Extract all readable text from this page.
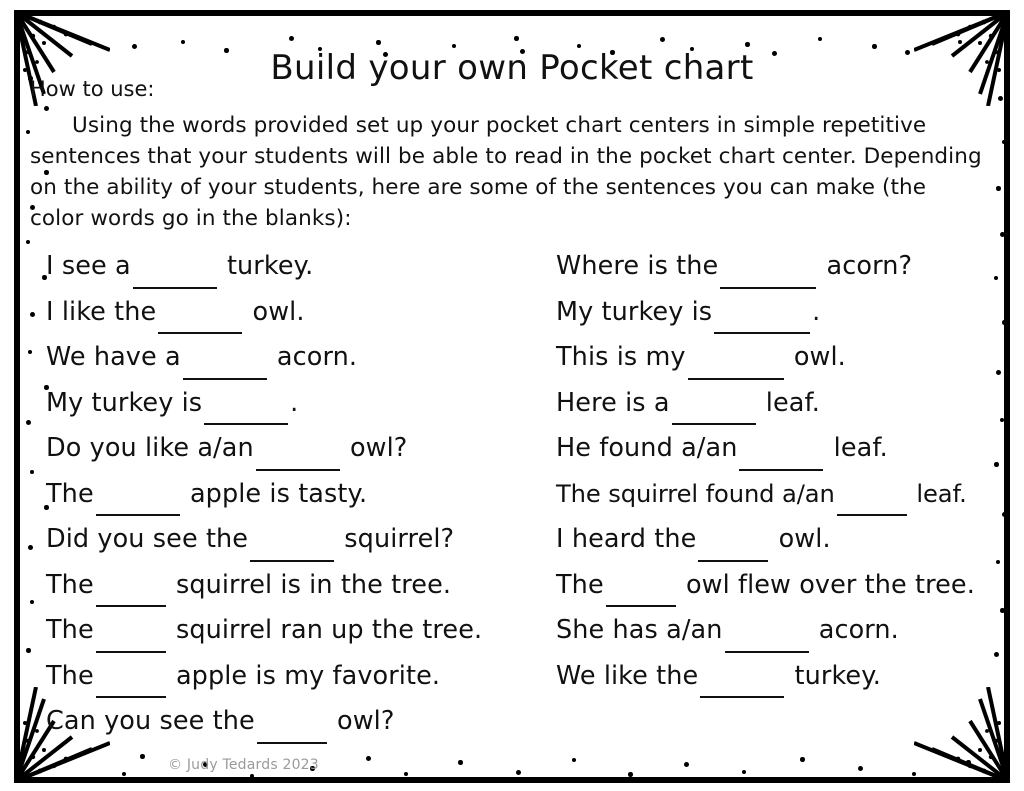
Build your own Pocket chart
How to use:
Using the words provided set up your pocket chart centers in simple repetitive sentences that your students will be able to read in the pocket chart center. Depending on the ability of your students, here are some of the sentences you can make (the color words go in the blanks):
I see a	turkey.
I like the	owl.
We have a	acorn.
My turkey is	.
Do you like a/an	owl?
The	apple is tasty.
Did you see the	squirrel?
The	squirrel is in the tree.
The	squirrel ran up the tree.
The	apple is my favorite.
Can you see the	owl?
Where is the	acorn?
My turkey is	.
This is my	owl.
Here is a	leaf.
He found a/an	leaf.
The squirrel found a/an	leaf.
I heard the	owl.
The	owl flew over the tree.
She has a/an	acorn.
We like the	turkey.
© Judy Tedards 2023
